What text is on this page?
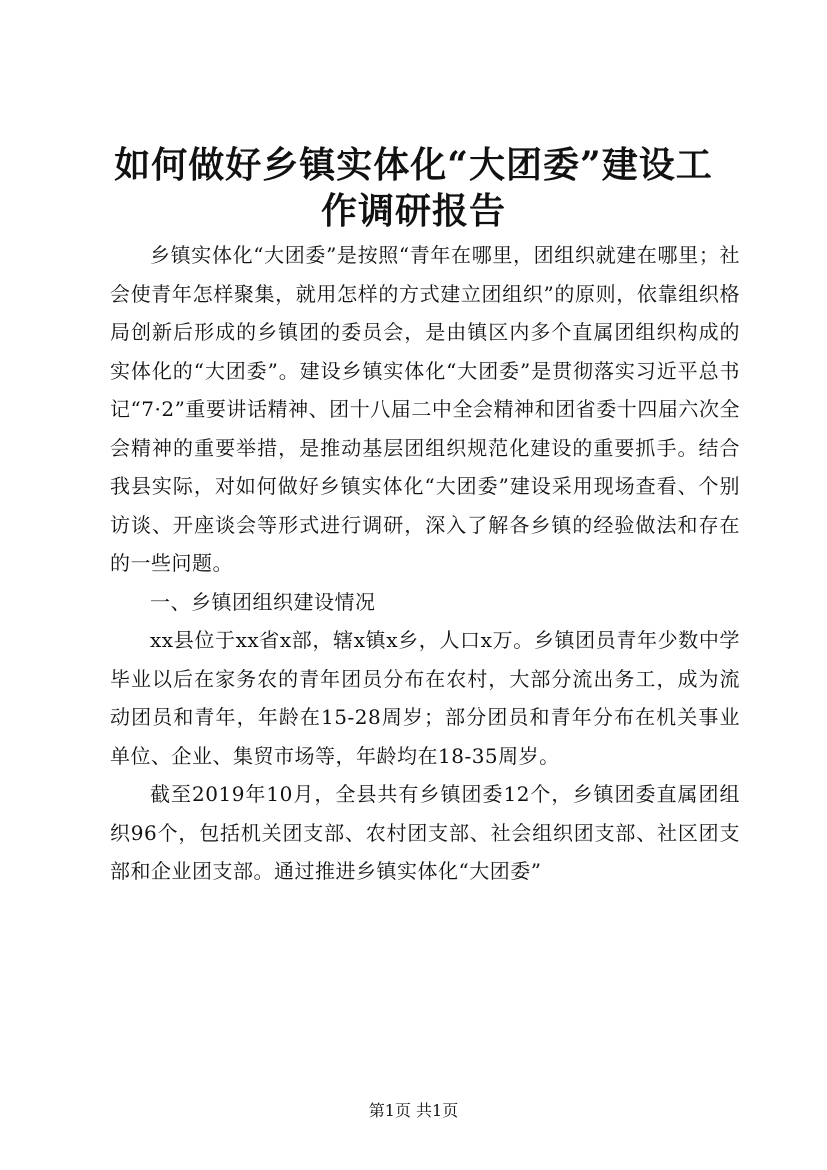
如何做好乡镇实体化“大团委”建设工作调研报告

乡镇实体化“大团委”是按照“青年在哪里，团组织就建在哪里；社会使青年怎样聚集，就用怎样的方式建立团组织”的原则，依靠组织格局创新后形成的乡镇团的委员会，是由镇区内多个直属团组织构成的实体化的“大团委”。建设乡镇实体化“大团委”是贯彻落实习近平总书记“7·2”重要讲话精神、团十八届二中全会精神和团省委十四届六次全会精神的重要举措，是推动基层团组织规范化建设的重要抓手。结合我县实际，对如何做好乡镇实体化“大团委”建设采用现场查看、个别访谈、开座谈会等形式进行调研，深入了解各乡镇的经验做法和存在的一些问题。

一、乡镇团组织建设情况

xx县位于xx省x部，辖x镇x乡，人口x万。乡镇团员青年少数中学毕业以后在家务农的青年团员分布在农村，大部分流出务工，成为流动团员和青年，年龄在15-28周岁；部分团员和青年分布在机关事业单位、企业、集贸市场等，年龄均在18-35周岁。

截至2019年10月，全县共有乡镇团委12个，乡镇团委直属团组织96个，包括机关团支部、农村团支部、社会组织团支部、社区团支部和企业团支部。通过推进乡镇实体化“大团委”

第1页 共1页
